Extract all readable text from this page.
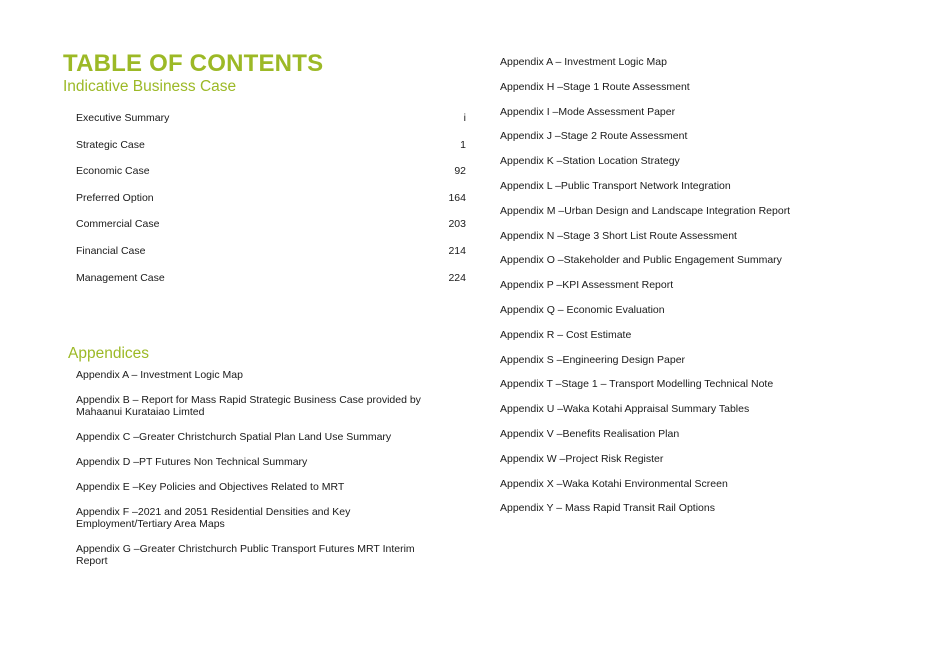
TABLE OF CONTENTS
Indicative Business Case
Executive Summary	i
Strategic Case	1
Economic Case	92
Preferred Option	164
Commercial Case	203
Financial Case	214
Management Case	224
Appendices
Appendix A – Investment Logic Map
Appendix B – Report for Mass Rapid Strategic Business Case provided by Mahaanui Kurataiao Limted
Appendix C –Greater Christchurch Spatial Plan Land Use Summary
Appendix D –PT Futures Non Technical Summary
Appendix E –Key Policies and Objectives Related to MRT
Appendix F –2021 and 2051 Residential Densities and Key Employment/Tertiary Area Maps
Appendix G –Greater Christchurch Public Transport Futures MRT Interim Report
Appendix A – Investment Logic Map
Appendix H –Stage 1 Route Assessment
Appendix I –Mode Assessment Paper
Appendix J –Stage 2 Route Assessment
Appendix K –Station Location Strategy
Appendix L –Public Transport Network Integration
Appendix M –Urban Design and Landscape Integration Report
Appendix N –Stage 3 Short List Route Assessment
Appendix O –Stakeholder and Public Engagement Summary
Appendix P –KPI Assessment Report
Appendix Q – Economic Evaluation
Appendix R – Cost Estimate
Appendix S –Engineering Design Paper
Appendix T –Stage 1 – Transport Modelling Technical Note
Appendix U –Waka Kotahi Appraisal Summary Tables
Appendix V –Benefits Realisation Plan
Appendix W –Project Risk Register
Appendix X –Waka Kotahi Environmental Screen
Appendix Y – Mass Rapid Transit Rail Options
